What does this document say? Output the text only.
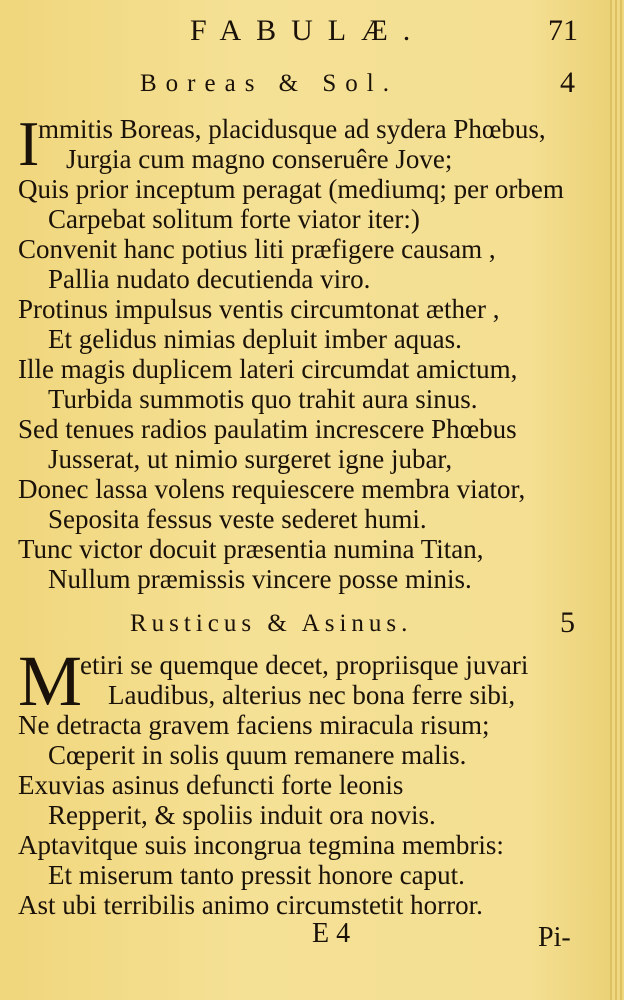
FABULÆ.	71
Boreas & Sol.	4
I
mmitis Boreas, placidusque ad sydera Phœbus,
Jurgia cum magno conseruêre Jove;
Quis prior inceptum peragat (mediumq; per orbem
Carpebat solitum forte viator iter:)
Convenit hanc potius liti præfigere causam ,
Pallia nudato decutienda viro.
Protinus impulsus ventis circumtonat æther ,
Et gelidus nimias depluit imber aquas.
Ille magis duplicem lateri circumdat amictum,
Turbida summotis quo trahit aura sinus.
Sed tenues radios paulatim increscere Phœbus
Jusserat, ut nimio surgeret igne jubar,
Donec lassa volens requiescere membra viator,
Seposita fessus veste sederet humi.
Tunc victor docuit præsentia numina Titan,
Nullum præmissis vincere posse minis.
Rusticus & Asinus.	5
M
etiri se quemque decet, propriisque juvari
Laudibus, alterius nec bona ferre sibi,
Ne detracta gravem faciens miracula risum;
Cœperit in solis quum remanere malis.
Exuvias asinus defuncti forte leonis
Repperit, & spoliis induit ora novis.
Aptavitque suis incongrua tegmina membris:
Et miserum tanto pressit honore caput.
Ast ubi terribilis animo circumstetit horror.
E 4	Pi-
